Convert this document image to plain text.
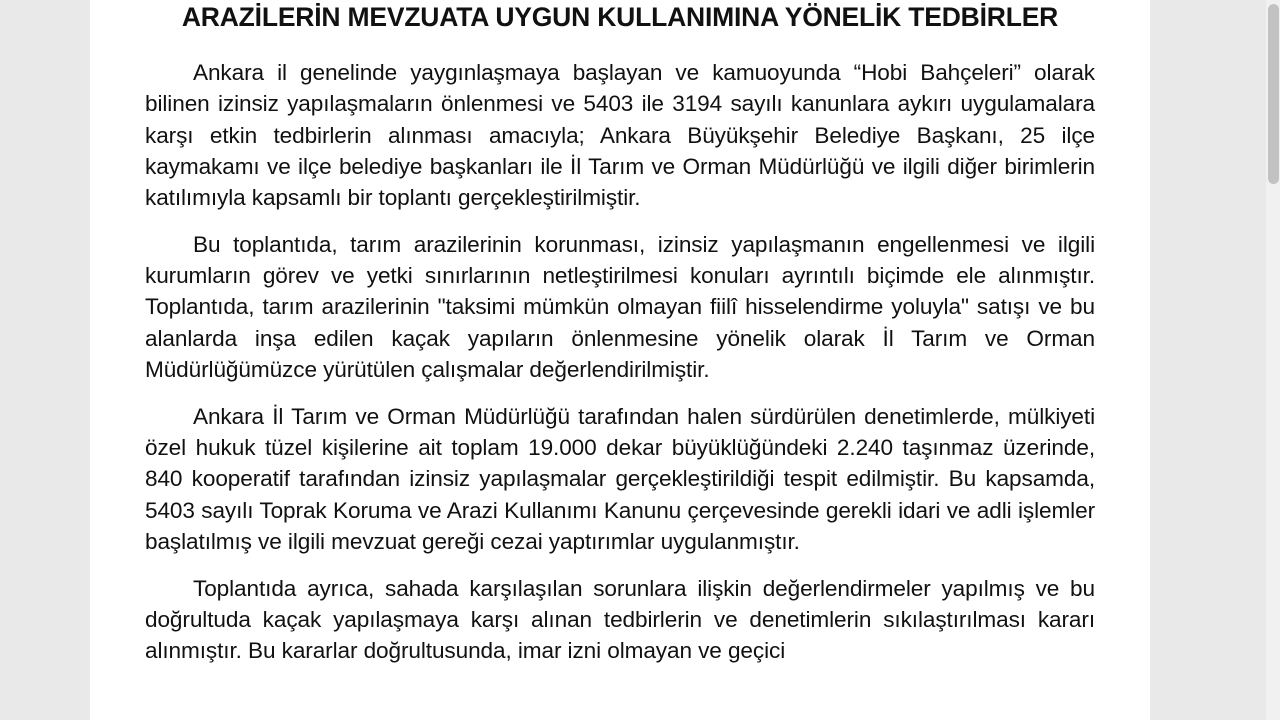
ARAZİLERİN MEVZUATA UYGUN KULLANIMINA YÖNELİK TEDBİRLER

Ankara il genelinde yaygınlaşmaya başlayan ve kamuoyunda “Hobi Bahçeleri” olarak bilinen izinsiz yapılaşmaların önlenmesi ve 5403 ile 3194 sayılı kanunlara aykırı uygulamalara karşı etkin tedbirlerin alınması amacıyla; Ankara Büyükşehir Belediye Başkanı, 25 ilçe kaymakamı ve ilçe belediye başkanları ile İl Tarım ve Orman Müdürlüğü ve ilgili diğer birimlerin katılımıyla kapsamlı bir toplantı gerçekleştirilmiştir.

Bu toplantıda, tarım arazilerinin korunması, izinsiz yapılaşmanın engellenmesi ve ilgili kurumların görev ve yetki sınırlarının netleştirilmesi konuları ayrıntılı biçimde ele alınmıştır. Toplantıda, tarım arazilerinin "taksimi mümkün olmayan fiilî hisselendirme yoluyla" satışı ve bu alanlarda inşa edilen kaçak yapıların önlenmesine yönelik olarak İl Tarım ve Orman Müdürlüğümüzce yürütülen çalışmalar değerlendirilmiştir.

Ankara İl Tarım ve Orman Müdürlüğü tarafından halen sürdürülen denetimlerde, mülkiyeti özel hukuk tüzel kişilerine ait toplam 19.000 dekar büyüklüğündeki 2.240 taşınmaz üzerinde, 840 kooperatif tarafından izinsiz yapılaşmalar gerçekleştirildiği tespit edilmiştir. Bu kapsamda, 5403 sayılı Toprak Koruma ve Arazi Kullanımı Kanunu çerçevesinde gerekli idari ve adli işlemler başlatılmış ve ilgili mevzuat gereği cezai yaptırımlar uygulanmıştır.

Toplantıda ayrıca, sahada karşılaşılan sorunlara ilişkin değerlendirmeler yapılmış ve bu doğrultuda kaçak yapılaşmaya karşı alınan tedbirlerin ve denetimlerin sıkılaştırılması kararı alınmıştır. Bu kararlar doğrultusunda, imar izni olmayan ve geçici
